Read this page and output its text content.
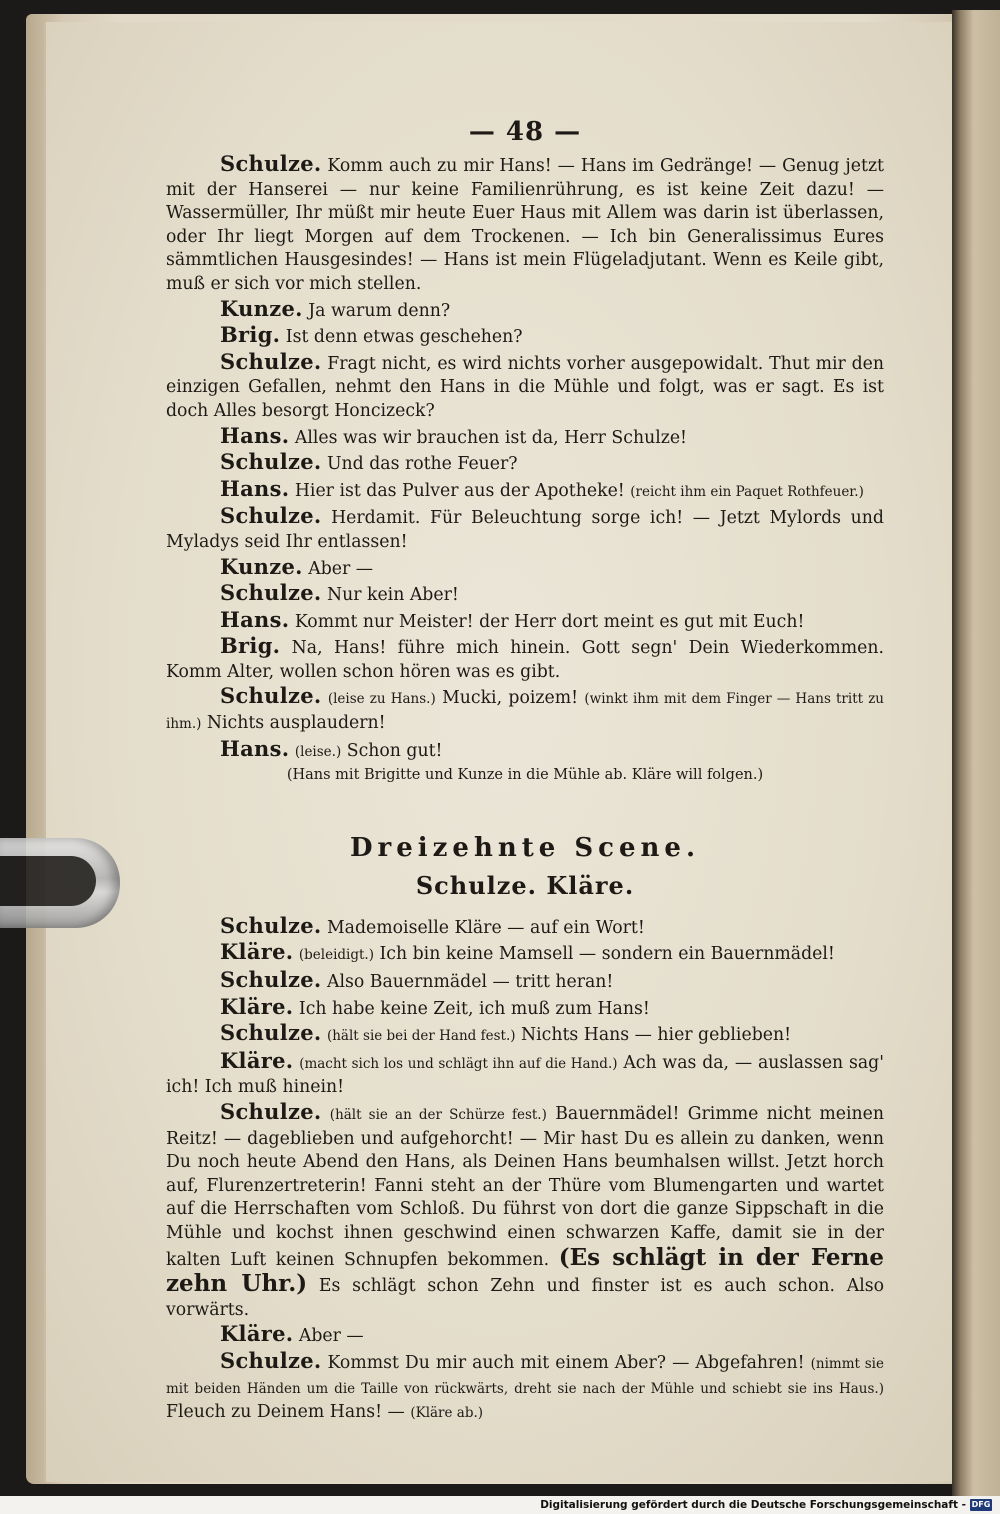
— 48 —

Schulze. Komm auch zu mir Hans! — Hans im Gedränge! — Genug jetzt mit der Hanserei — nur keine Familienrührung, es ist keine Zeit dazu! — Wassermüller, Ihr müßt mir heute Euer Haus mit Allem was darin ist überlassen, oder Ihr liegt Morgen auf dem Trockenen. — Ich bin Generalissimus Eures sämmtlichen Hausgesindes! — Hans ist mein Flügeladjutant. Wenn es Keile gibt, muß er sich vor mich stellen.

Kunze. Ja warum denn?

Brig. Ist denn etwas geschehen?

Schulze. Fragt nicht, es wird nichts vorher ausgepowidalt. Thut mir den einzigen Gefallen, nehmt den Hans in die Mühle und folgt, was er sagt. Es ist doch Alles besorgt Honcizeck?

Hans. Alles was wir brauchen ist da, Herr Schulze!

Schulze. Und das rothe Feuer?

Hans. Hier ist das Pulver aus der Apotheke! (reicht ihm ein Paquet Rothfeuer.)

Schulze. Herdamit. Für Beleuchtung sorge ich! — Jetzt Mylords und Myladys seid Ihr entlassen!

Kunze. Aber —

Schulze. Nur kein Aber!

Hans. Kommt nur Meister! der Herr dort meint es gut mit Euch!

Brig. Na, Hans! führe mich hinein. Gott segn' Dein Wiederkommen. Komm Alter, wollen schon hören was es gibt.

Schulze. (leise zu Hans.) Mucki, poizem! (winkt ihm mit dem Finger — Hans tritt zu ihm.) Nichts ausplaudern!

Hans. (leise.) Schon gut!

(Hans mit Brigitte und Kunze in die Mühle ab. Kläre will folgen.)

Dreizehnte Scene.
Schulze. Kläre.

Schulze. Mademoiselle Kläre — auf ein Wort!

Kläre. (beleidigt.) Ich bin keine Mamsell — sondern ein Bauernmädel!

Schulze. Also Bauernmädel — tritt heran!

Kläre. Ich habe keine Zeit, ich muß zum Hans!

Schulze. (hält sie bei der Hand fest.) Nichts Hans — hier geblieben!

Kläre. (macht sich los und schlägt ihn auf die Hand.) Ach was da, — auslassen sag' ich! Ich muß hinein!

Schulze. (hält sie an der Schürze fest.) Bauernmädel! Grimme nicht meinen Reitz! — dageblieben und aufgehorcht! — Mir hast Du es allein zu danken, wenn Du noch heute Abend den Hans, als Deinen Hans beumhalsen willst. Jetzt horch auf, Flurenzertreterin! Fanni steht an der Thüre vom Blumengarten und wartet auf die Herrschaften vom Schloß. Du führst von dort die ganze Sippschaft in die Mühle und kochst ihnen geschwind einen schwarzen Kaffe, damit sie in der kalten Luft keinen Schnupfen bekommen. (Es schlägt in der Ferne zehn Uhr.) Es schlägt schon Zehn und finster ist es auch schon. Also vorwärts.

Kläre. Aber —

Schulze. Kommst Du mir auch mit einem Aber? — Abgefahren! (nimmt sie mit beiden Händen um die Taille von rückwärts, dreht sie nach der Mühle und schiebt sie ins Haus.) Fleuch zu Deinem Hans! — (Kläre ab.)

Digitalisierung gefördert durch die Deutsche Forschungsgemeinschaft - DFG
